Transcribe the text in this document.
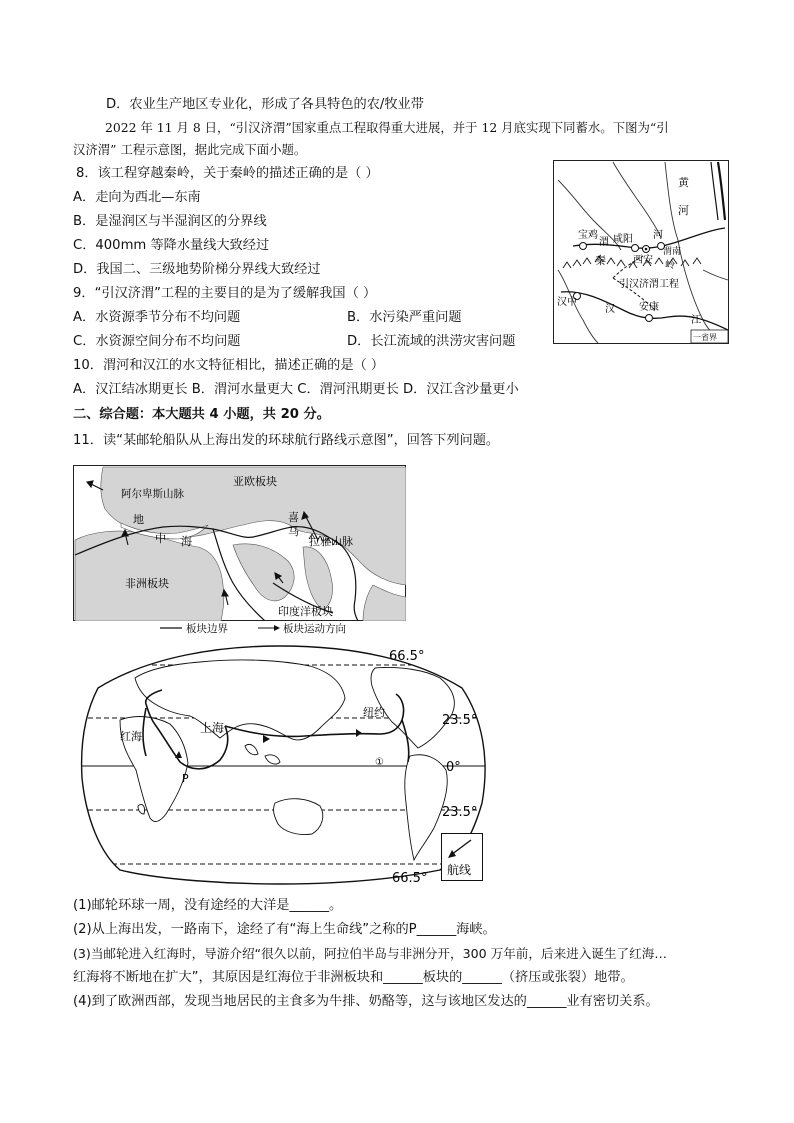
D．农业生产地区专业化，形成了各具特色的农/牧业带
2022 年 11 月 8 日，“引汉济渭”国家重点工程取得重大进展，并于 12 月底实现下同蓄水。下图为“引
汉济渭” 工程示意图，据此完成下面小题。
8．该工程穿越秦岭，关于秦岭的描述正确的是（ ）
A．走向为西北—东南
B．是湿润区与半湿润区的分界线
C．400mm 等降水量线大致经过
D．我国二、三级地势阶梯分界线大致经过
9．“引汉济渭”工程的主要目的是为了缓解我国（ ）
A．水资源季节分布不均问题	B．水污染严重问题
C．水资源空间分布不均问题	D．长江流域的洪涝灾害问题
10．渭河和汉江的水文特征相比，描述正确的是（ ）
A．汉江结冰期更长 B．渭河水量更大 C．渭河汛期更长 D．汉江含沙量更小
二、综合题：本大题共 4 小题，共 20 分。
11．读“某邮轮船队从上海出发的环球航行路线示意图”，回答下列问题。
(1)邮轮环球一周，没有途经的大洋是______。
(2)从上海出发，一路南下，途经了有“海上生命线”之称的P______海峡。
(3)当邮轮进入红海时，导游介绍“很久以前，阿拉伯半岛与非洲分开，300 万年前，后来进入诞生了红海…
红海将不断地在扩大”，其原因是红海位于非洲板块和______板块的______（挤压或张裂）地带。
(4)到了欧洲西部，发现当地居民的主食多为牛排、奶酪等，这与该地区发达的______业有密切关系。
黄
河
宝鸡
渭 咸阳 河
秦	西安
渭南
岭
引汉济渭工程
汉中
汉 安康
江
一省界
亚欧板块
阿尔卑斯山脉
地
中 海
喜
马
拉雅山脉
非洲板块
印度洋板块
板块边界	板块运动方向
66.5°
23.5°
0°
23.5°
66.5°
上海
红海
纽约
P
①
航线
